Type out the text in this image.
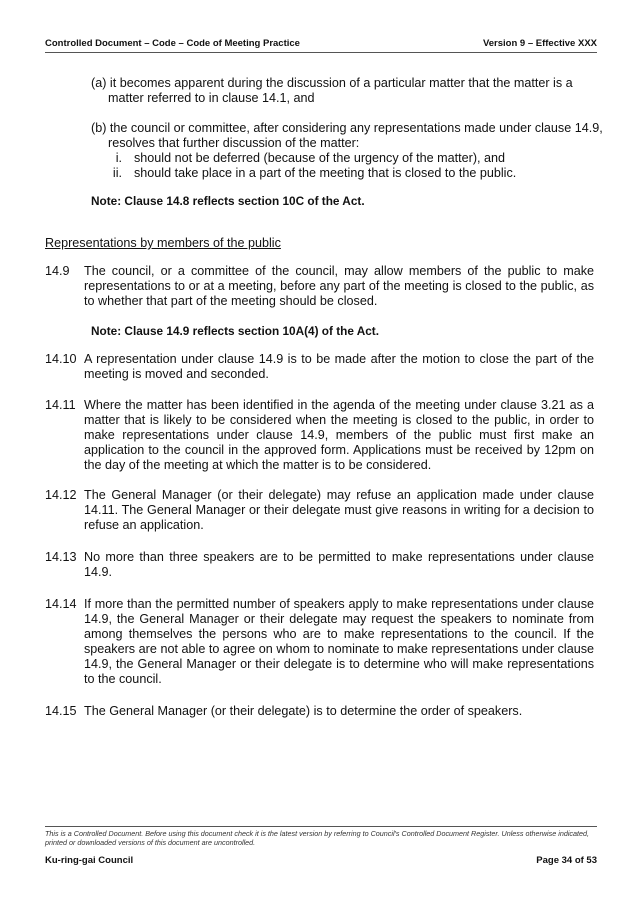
Controlled Document – Code – Code of Meeting Practice	Version 9 – Effective XXX

(a) it becomes apparent during the discussion of a particular matter that the matter is a matter referred to in clause 14.1, and

(b) the council or committee, after considering any representations made under clause 14.9, resolves that further discussion of the matter:

i. should not be deferred (because of the urgency of the matter), and
ii. should take place in a part of the meeting that is closed to the public.
Note: Clause 14.8 reflects section 10C of the Act.
Representations by members of the public
14.9	The council, or a committee of the council, may allow members of the public to make representations to or at a meeting, before any part of the meeting is closed to the public, as to whether that part of the meeting should be closed.
Note: Clause 14.9 reflects section 10A(4) of the Act.
14.10 A representation under clause 14.9 is to be made after the motion to close the part of the meeting is moved and seconded.
14.11 Where the matter has been identified in the agenda of the meeting under clause 3.21 as a matter that is likely to be considered when the meeting is closed to the public, in order to make representations under clause 14.9, members of the public must first make an application to the council in the approved form. Applications must be received by 12pm on the day of the meeting at which the matter is to be considered.
14.12 The General Manager (or their delegate) may refuse an application made under clause 14.11. The General Manager or their delegate must give reasons in writing for a decision to refuse an application.
14.13 No more than three speakers are to be permitted to make representations under clause 14.9.
14.14 If more than the permitted number of speakers apply to make representations under clause 14.9, the General Manager or their delegate may request the speakers to nominate from among themselves the persons who are to make representations to the council. If the speakers are not able to agree on whom to nominate to make representations under clause 14.9, the General Manager or their delegate is to determine who will make representations to the council.
14.15 The General Manager (or their delegate) is to determine the order of speakers.
This is a Controlled Document. Before using this document check it is the latest version by referring to Council's Controlled Document Register. Unless otherwise indicated, printed or downloaded versions of this document are uncontrolled.
Ku-ring-gai Council	Page 34 of 53
